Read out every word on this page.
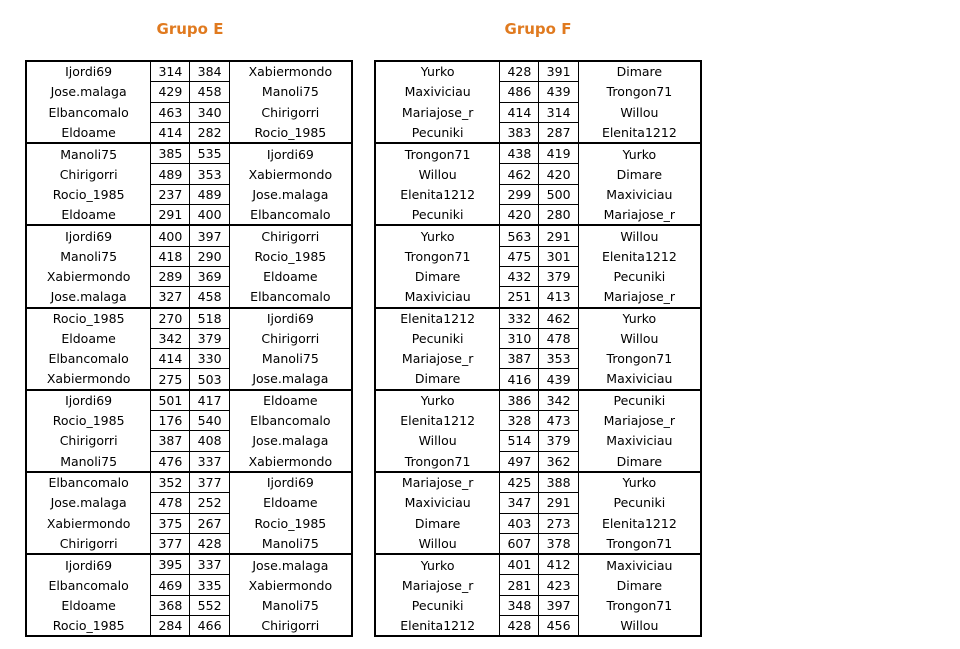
Grupo E	Grupo F
Ijordi69	314	384	Xabiermondo
Jose.malaga	429	458	Manoli75
Elbancomalo	463	340	Chirigorri
Eldoame	414	282	Rocio_1985
Manoli75	385	535	Ijordi69
Chirigorri	489	353	Xabiermondo
Rocio_1985	237	489	Jose.malaga
Eldoame	291	400	Elbancomalo
Ijordi69	400	397	Chirigorri
Manoli75	418	290	Rocio_1985
Xabiermondo	289	369	Eldoame
Jose.malaga	327	458	Elbancomalo
Rocio_1985	270	518	Ijordi69
Eldoame	342	379	Chirigorri
Elbancomalo	414	330	Manoli75
Xabiermondo	275	503	Jose.malaga
Ijordi69	501	417	Eldoame
Rocio_1985	176	540	Elbancomalo
Chirigorri	387	408	Jose.malaga
Manoli75	476	337	Xabiermondo
Elbancomalo	352	377	Ijordi69
Jose.malaga	478	252	Eldoame
Xabiermondo	375	267	Rocio_1985
Chirigorri	377	428	Manoli75
Ijordi69	395	337	Jose.malaga
Elbancomalo	469	335	Xabiermondo
Eldoame	368	552	Manoli75
Rocio_1985	284	466	Chirigorri
Yurko	428	391	Dimare
Maxiviciau	486	439	Trongon71
Mariajose_r	414	314	Willou
Pecuniki	383	287	Elenita1212
Trongon71	438	419	Yurko
Willou	462	420	Dimare
Elenita1212	299	500	Maxiviciau
Pecuniki	420	280	Mariajose_r
Yurko	563	291	Willou
Trongon71	475	301	Elenita1212
Dimare	432	379	Pecuniki
Maxiviciau	251	413	Mariajose_r
Elenita1212	332	462	Yurko
Pecuniki	310	478	Willou
Mariajose_r	387	353	Trongon71
Dimare	416	439	Maxiviciau
Yurko	386	342	Pecuniki
Elenita1212	328	473	Mariajose_r
Willou	514	379	Maxiviciau
Trongon71	497	362	Dimare
Mariajose_r	425	388	Yurko
Maxiviciau	347	291	Pecuniki
Dimare	403	273	Elenita1212
Willou	607	378	Trongon71
Yurko	401	412	Maxiviciau
Mariajose_r	281	423	Dimare
Pecuniki	348	397	Trongon71
Elenita1212	428	456	Willou
